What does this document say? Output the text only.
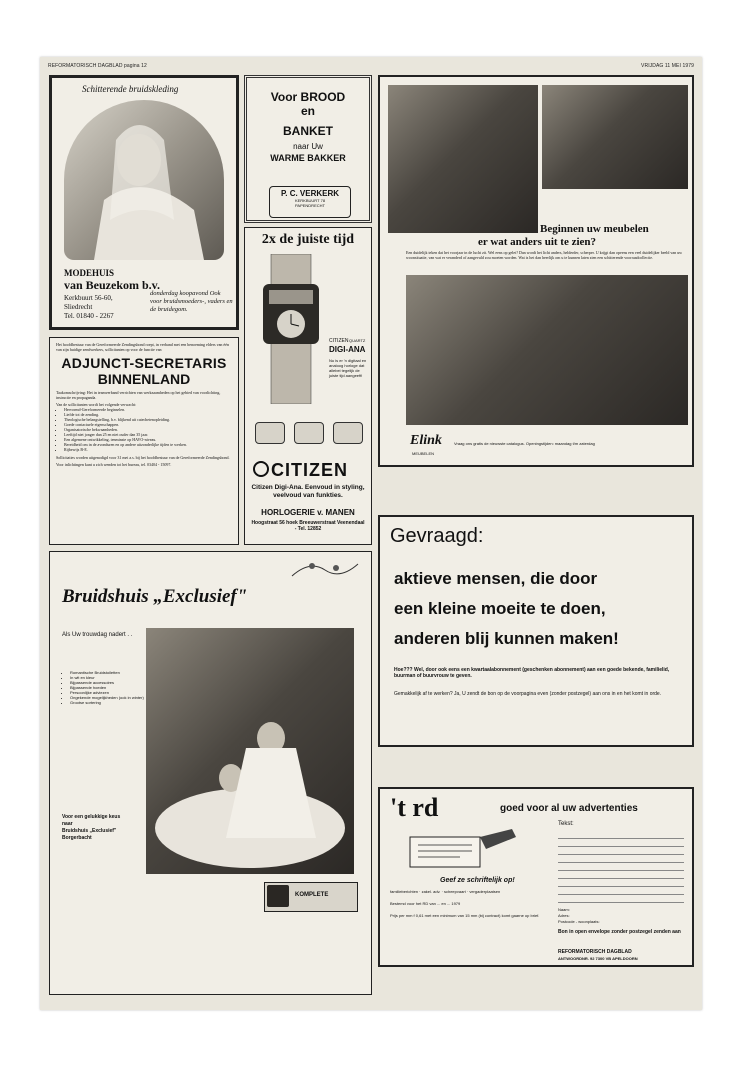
REFORMATORISCH DAGBLAD pagina 12	VRIJDAG 11 MEI 1979
Schitterende bruidskleding
MODEHUIS
van Beuzekom b.v.
Kerkbuurt 56-60,
Sliedrecht
Tel. 01840 - 2267
donderdag koopavond Ook voor bruidsmoeders-, vaders en de bruidegom.
Voor BROOD
en
BANKET
naar Uw
WARME BAKKER
P. C. VERKERK
KERKBUURT 78
PAPENDRECHT
2x de juiste tijd
CITIZEN QUARTZ
DIGI-ANA
Nu is er 'n digitaal en analoog horloge dat allebei tegelijk de juiste tijd aangeeft!
CITIZEN
Citizen Digi-Ana. Eenvoud in styling, veelvoud van funkties.
HORLOGERIE v. MANEN
Hoogstraat 56 hoek Breeuwerstraat Veenendaal - Tel. 12852
Het hoofdbestuur van de Gereformeerde Zendingsbond roept, in verband met een benoeming elders van één van zijn huidige zendwerkers, sollicitanten op voor de functie van
ADJUNCT-SECRETARIS
BINNENLAND
Taakomschrijving: Het in teamverband verrichten van werkzaamheden op het gebied van voorlichting, instructie en propaganda.
Van de sollicitanten wordt het volgende verwacht:
• Hervormd-Gereformeerde beginselen.
• Liefde tot de zending.
• Theologische belangstelling, b.v. blijkend uit catechetenopleiding.
• Goede contactuele eigenschappen.
• Organisatorische bekwaamheden.
• Leeftijd niet jonger dan 25 en niet ouder dan 35 jaar.
• Een algemene ontwikkeling, tenminste op HAVO-niveau.
• Bereidheid om in de avonduren en op andere uitzonderlijke tijden te werken.
• Rijbewijs B-E.
Sollicitaties worden uitgenodigd voor 31 mei a.s. bij het hoofdbestuur van de Gereformeerde Zendingsbond.
Voor inlichtingen kunt u zich wenden tot het bureau, tel. 03404 - 15097.
Beginnen uw meubelen
er wat anders uit te zien?
Een duidelijk teken dat het voorjaar in de lucht zit. Wel eens op gelet? Dan wordt het licht anders, helderder, scherper. U krijgt dan opeens een veel duidelijker beeld van uw woonsituatie, van wat er veranderd of aangevuld zou moeten worden. Wat is het dan heerlijk om u te kunnen laten zien een schitterende voorraadcollectie.
Elink
MEUBELEN
Vraag ons gratis de nieuwste catalogus. Openingstijden: maandag t/m zaterdag
Gevraagd:
aktieve mensen, die door
een kleine moeite te doen,
anderen blij kunnen maken!
Hoe??? Wel, door ook eens een kwartaalabonnement (geschenken abonnement) aan een goede bekende, familielid, buurman of buurvrouw te geven.
Gemakkelijk af te werken? Ja, U zendt de bon op de voorpagina even (zonder postzegel) aan ons in en het komt in orde.
Bruidshuis „Exclusief"
Als Uw trouwdag nadert . .
• Romantische Bruidstoiletten
• In wit en kleur
• Bijpassende accessoires
• Bijpassende hoeden
• Persoonlijke adviezen
• Ongekende mogelijkheden (ook in winter)
• Grootse sortering
Voor een gelukkige keus
naar
Bruidshuis „Exclusief"
Borgerbacht
KOMPLETE
't rd	goed voor al uw advertenties
Geef ze schriftelijk op!
familieberichten · zakel. adv. · scheepvaart · vergaderplaatsen
Bestemd voor het RD van ... en ... 1979
Prijs per mm f 0,61 met een minimum van 15 mm (bij contract) komt gaarne op brief.
Tekst:
Naam:
Adres:
Postcode - woonplaats:
Bon in open envelope zonder postzegel zenden aan
REFORMATORISCH DAGBLAD
ANTWOORDNR. 92 7300 VB APELDOORN
